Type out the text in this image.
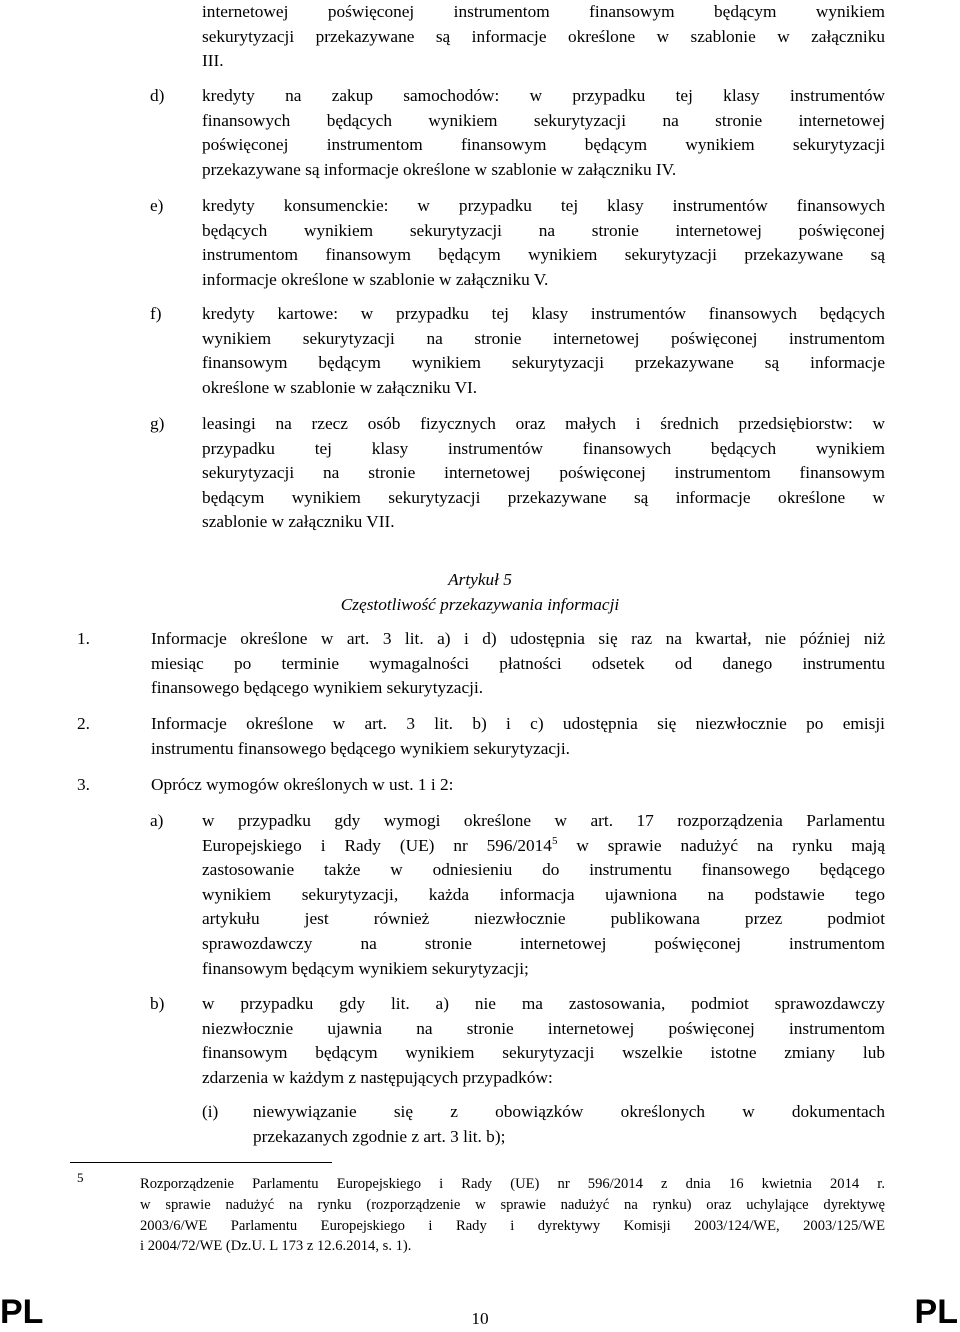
internetowej poświęconej instrumentom finansowym będącym wynikiem
sekurytyzacji przekazywane są informacje określone w szablonie w załączniku
III.
d) kredyty na zakup samochodów: w przypadku tej klasy instrumentów
finansowych będących wynikiem sekurytyzacji na stronie internetowej
poświęconej instrumentom finansowym będącym wynikiem sekurytyzacji
przekazywane są informacje określone w szablonie w załączniku IV.
e) kredyty konsumenckie: w przypadku tej klasy instrumentów finansowych
będących wynikiem sekurytyzacji na stronie internetowej poświęconej
instrumentom finansowym będącym wynikiem sekurytyzacji przekazywane są
informacje określone w szablonie w załączniku V.
f) kredyty kartowe: w przypadku tej klasy instrumentów finansowych będących
wynikiem sekurytyzacji na stronie internetowej poświęconej instrumentom
finansowym będącym wynikiem sekurytyzacji przekazywane są informacje
określone w szablonie w załączniku VI.
g) leasingi na rzecz osób fizycznych oraz małych i średnich przedsiębiorstw: w
przypadku tej klasy instrumentów finansowych będących wynikiem
sekurytyzacji na stronie internetowej poświęconej instrumentom finansowym
będącym wynikiem sekurytyzacji przekazywane są informacje określone w
szablonie w załączniku VII.
Artykuł 5
Częstotliwość przekazywania informacji
1.	Informacje określone w art. 3 lit. a) i d) udostępnia się raz na kwartał, nie później niż
miesiąc po terminie wymagalności płatności odsetek od danego instrumentu
finansowego będącego wynikiem sekurytyzacji.
2.	Informacje określone w art. 3 lit. b) i c) udostępnia się niezwłocznie po emisji
instrumentu finansowego będącego wynikiem sekurytyzacji.
3.	Oprócz wymogów określonych w ust. 1 i 2:
a) w przypadku gdy wymogi określone w art. 17 rozporządzenia Parlamentu
Europejskiego i Rady (UE) nr 596/2014$^5$ w sprawie nadużyć na rynku mają
zastosowanie także w odniesieniu do instrumentu finansowego będącego
wynikiem sekurytyzacji, każda informacja ujawniona na podstawie tego
artykułu jest również niezwłocznie publikowana przez podmiot
sprawozdawczy na stronie internetowej poświęconej instrumentom
finansowym będącym wynikiem sekurytyzacji;
b) w przypadku gdy lit. a) nie ma zastosowania, podmiot sprawozdawczy
niezwłocznie ujawnia na stronie internetowej poświęconej instrumentom
finansowym będącym wynikiem sekurytyzacji wszelkie istotne zmiany lub
zdarzenia w każdym z następujących przypadków:
(i) niewywiązanie się z obowiązków określonych w dokumentach
przekazanych zgodnie z art. 3 lit. b);
5	Rozporządzenie Parlamentu Europejskiego i Rady (UE) nr 596/2014 z dnia 16 kwietnia 2014 r.
w sprawie nadużyć na rynku (rozporządzenie w sprawie nadużyć na rynku) oraz uchylające dyrektywę
2003/6/WE Parlamentu Europejskiego i Rady i dyrektywy Komisji 2003/124/WE, 2003/125/WE
i 2004/72/WE (Dz.U. L 173 z 12.6.2014, s. 1).
PL	10	PL
